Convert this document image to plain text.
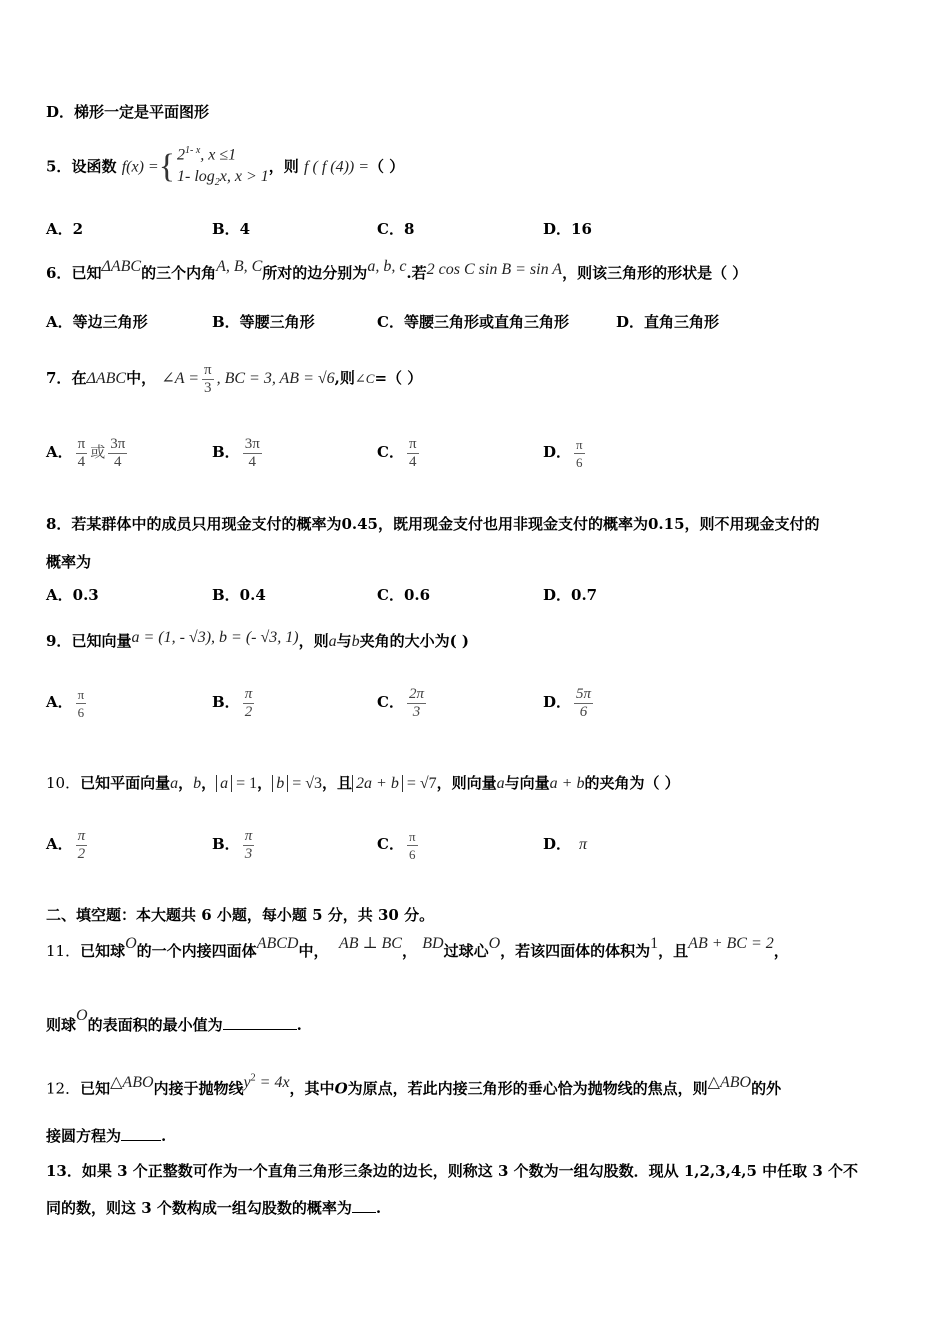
D．梯形一定是平面图形
5．设函数 f(x) ={ 2$^{1- x}$, x ≤1
1- $\log_2x$, x > 1
，则 f ( f (4)) =（ ）
A．2	B．4	C．8	D．16
6．已知ΔABC的三个内角A, B, C所对的边分别为a, b, c.若2 cos C sin B = sin A，则该三角形的形状是（ ）
A．等边三角形	B．等腰三角形	C．等腰三角形或直角三角形	D．直角三角形
7．在ΔABC中， ∠A = $\frac{\pi}{3}$ , BC = 3, AB = √6,则∠C=（ ）
A． $\frac{\pi}{4}$ 或 $\frac{3\pi}{4}$	B． $\frac{3\pi}{4}$	C． $\frac{\pi}{4}$	D． $\frac{\pi}{6}$
8．若某群体中的成员只用现金支付的概率为0.45，既用现金支付也用非现金支付的概率为0.15，则不用现金支付的
概率为
A．0.3	B．0.4	C．0.6	D．0.7
9．已知向量a = (1, - √3), b = (- √3, 1)，则a与b夹角的大小为( )
A． $\frac{\pi}{6}$	B． $\frac{\pi}{2}$	C． $\frac{2\pi}{3}$	D． $\frac{5\pi}{6}$
10．已知平面向量a，b， a = 1， b = √3，且 2a + b = √7，则向量a与向量a + b的夹角为（ ）
A． $\frac{\pi}{2}$	B． $\frac{\pi}{3}$	C． $\frac{\pi}{6}$	D． π
二、填空题：本大题共 6 小题，每小题 5 分，共 30 分。
11．已知球O的一个内接四面体ABCD中， AB ⊥ BC， BD过球心O，若该四面体的体积为1，且AB + BC = 2，
则球O的表面积的最小值为	.
12．已知△ABO内接于抛物线$y^2 = 4x$，其中O为原点，若此内接三角形的垂心恰为抛物线的焦点，则△ABO的外
接圆方程为	.
13．如果 3 个正整数可作为一个直角三角形三条边的边长，则称这 3 个数为一组勾股数．现从 1,2,3,4,5 中任取 3 个不
同的数，则这 3 个数构成一组勾股数的概率为 .
